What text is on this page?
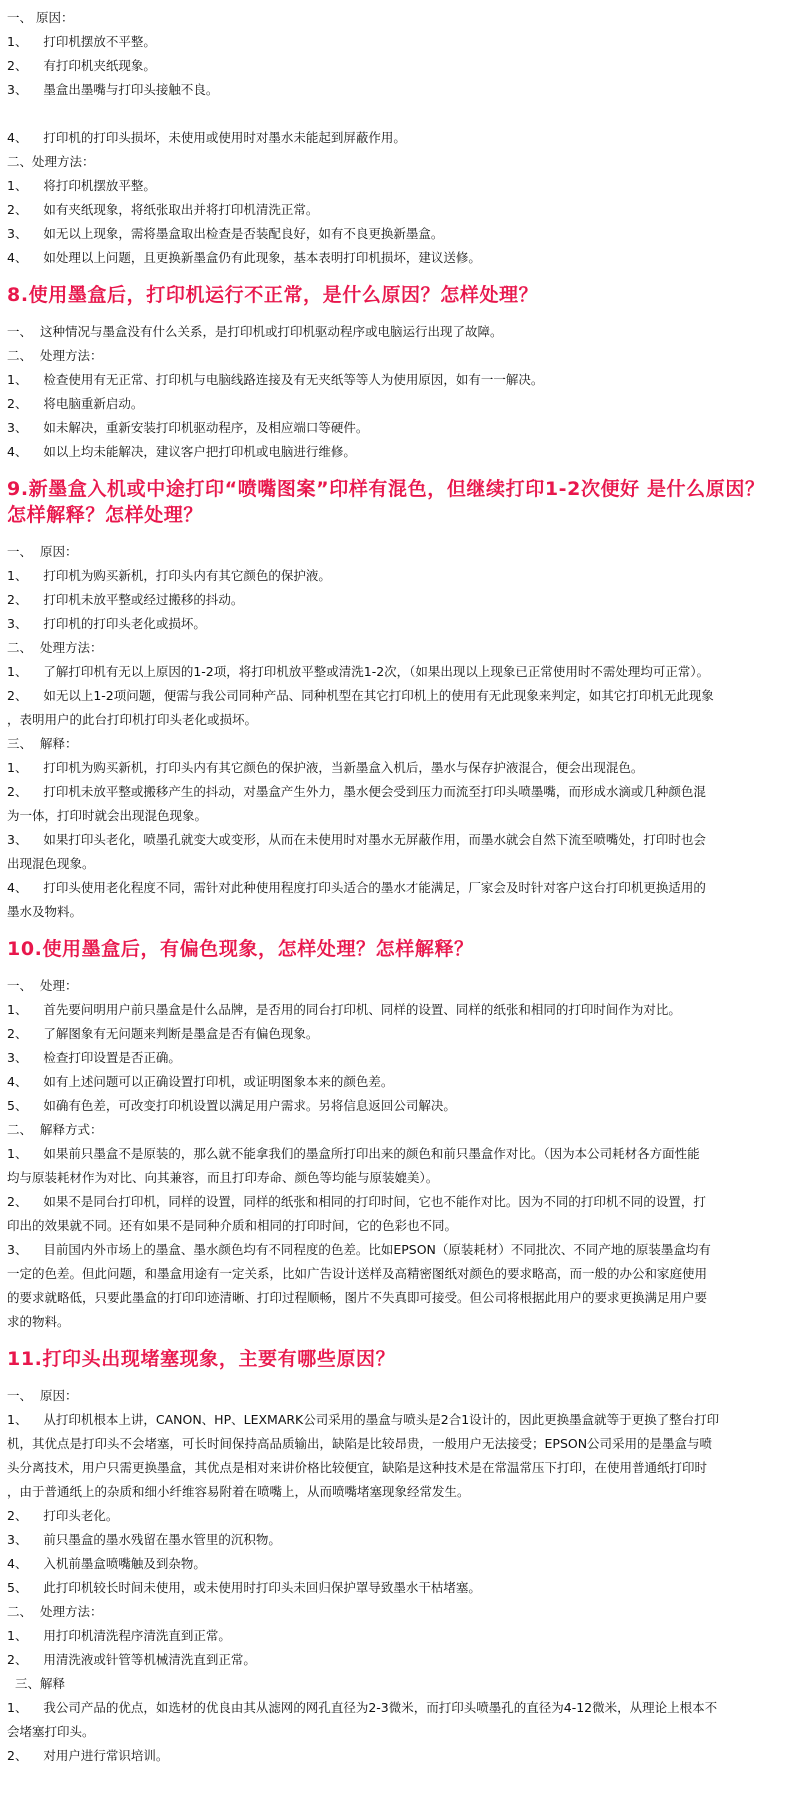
一、 原因：
1、    打印机摆放不平整。
2、    有打印机夹纸现象。
3、    墨盒出墨嘴与打印头接触不良。
4、    打印机的打印头损坏，未使用或使用时对墨水未能起到屏蔽作用。
二、处理方法：
1、    将打印机摆放平整。
2、    如有夹纸现象，将纸张取出并将打印机清洗正常。
3、    如无以上现象，需将墨盒取出检查是否装配良好，如有不良更换新墨盒。
4、    如处理以上问题，且更换新墨盒仍有此现象，基本表明打印机损坏，建议送修。
8.使用墨盒后，打印机运行不正常，是什么原因？怎样处理？
一、  这种情况与墨盒没有什么关系，是打印机或打印机驱动程序或电脑运行出现了故障。
二、  处理方法：
1、    检查使用有无正常、打印机与电脑线路连接及有无夹纸等等人为使用原因，如有一一解决。
2、    将电脑重新启动。
3、    如未解决，重新安装打印机驱动程序，及相应端口等硬件。
4、    如以上均未能解决，建议客户把打印机或电脑进行维修。
9.新墨盒入机或中途打印“喷嘴图案”印样有混色，但继续打印1-2次便好 是什么原因？怎样解释？怎样处理？
一、  原因：
1、    打印机为购买新机，打印头内有其它颜色的保护液。
2、    打印机未放平整或经过搬移的抖动。
3、    打印机的打印头老化或损坏。
二、  处理方法：
1、    了解打印机有无以上原因的1-2项，将打印机放平整或清洗1-2次，（如果出现以上现象已正常使用时不需处理均可正常）。
2、    如无以上1-2项问题，便需与我公司同种产品、同种机型在其它打印机上的使用有无此现象来判定，如其它打印机无此现象
，表明用户的此台打印机打印头老化或损坏。
三、  解释：
1、    打印机为购买新机，打印头内有其它颜色的保护液，当新墨盒入机后，墨水与保存护液混合，便会出现混色。
2、    打印机未放平整或搬移产生的抖动，对墨盒产生外力，墨水便会受到压力而流至打印头喷墨嘴，而形成水滴或几种颜色混
为一体，打印时就会出现混色现象。
3、    如果打印头老化，喷墨孔就变大或变形，从而在未使用时对墨水无屏蔽作用，而墨水就会自然下流至喷嘴处，打印时也会
出现混色现象。
4、    打印头使用老化程度不同，需针对此种使用程度打印头适合的墨水才能满足，厂家会及时针对客户这台打印机更换适用的
墨水及物料。
10.使用墨盒后，有偏色现象，怎样处理？怎样解释？
一、  处理：
1、    首先要问明用户前只墨盒是什么品牌，是否用的同台打印机、同样的设置、同样的纸张和相同的打印时间作为对比。
2、    了解图象有无问题来判断是墨盒是否有偏色现象。
3、    检查打印设置是否正确。
4、    如有上述问题可以正确设置打印机，或证明图象本来的颜色差。
5、    如确有色差，可改变打印机设置以满足用户需求。另将信息返回公司解决。
二、  解释方式：
1、    如果前只墨盒不是原装的，那么就不能拿我们的墨盒所打印出来的颜色和前只墨盒作对比。（因为本公司耗材各方面性能
均与原装耗材作为对比、向其兼容，而且打印寿命、颜色等均能与原装媲美）。
2、    如果不是同台打印机，同样的设置，同样的纸张和相同的打印时间，它也不能作对比。因为不同的打印机不同的设置，打
印出的效果就不同。还有如果不是同种介质和相同的打印时间，它的色彩也不同。
3、    目前国内外市场上的墨盒、墨水颜色均有不同程度的色差。比如EPSON（原装耗材）不同批次、不同产地的原装墨盒均有
一定的色差。但此问题，和墨盒用途有一定关系，比如广告设计送样及高精密图纸对颜色的要求略高，而一般的办公和家庭使用
的要求就略低，只要此墨盒的打印印迹清晰、打印过程顺畅，图片不失真即可接受。但公司将根据此用户的要求更换满足用户要
求的物料。
11.打印头出现堵塞现象，主要有哪些原因？
一、  原因：
1、    从打印机根本上讲，CANON、HP、LEXMARK公司采用的墨盒与喷头是2合1设计的，因此更换墨盒就等于更换了整台打印
机，其优点是打印头不会堵塞，可长时间保持高品质输出，缺陷是比较昂贵，一般用户无法接受；EPSON公司采用的是墨盒与喷
头分离技术，用户只需更换墨盒，其优点是相对来讲价格比较便宜，缺陷是这种技术是在常温常压下打印，在使用普通纸打印时
，由于普通纸上的杂质和细小纤维容易附着在喷嘴上，从而喷嘴堵塞现象经常发生。
2、    打印头老化。
3、    前只墨盒的墨水残留在墨水管里的沉积物。
4、    入机前墨盒喷嘴触及到杂物。
5、    此打印机较长时间未使用，或未使用时打印头未回归保护罩导致墨水干枯堵塞。
二、  处理方法：
1、    用打印机清洗程序清洗直到正常。
2、    用清洗液或针管等机械清洗直到正常。
三、解释
1、    我公司产品的优点，如选材的优良由其从滤网的网孔直径为2-3微米，而打印头喷墨孔的直径为4-12微米，从理论上根本不
会堵塞打印头。
2、    对用户进行常识培训。
